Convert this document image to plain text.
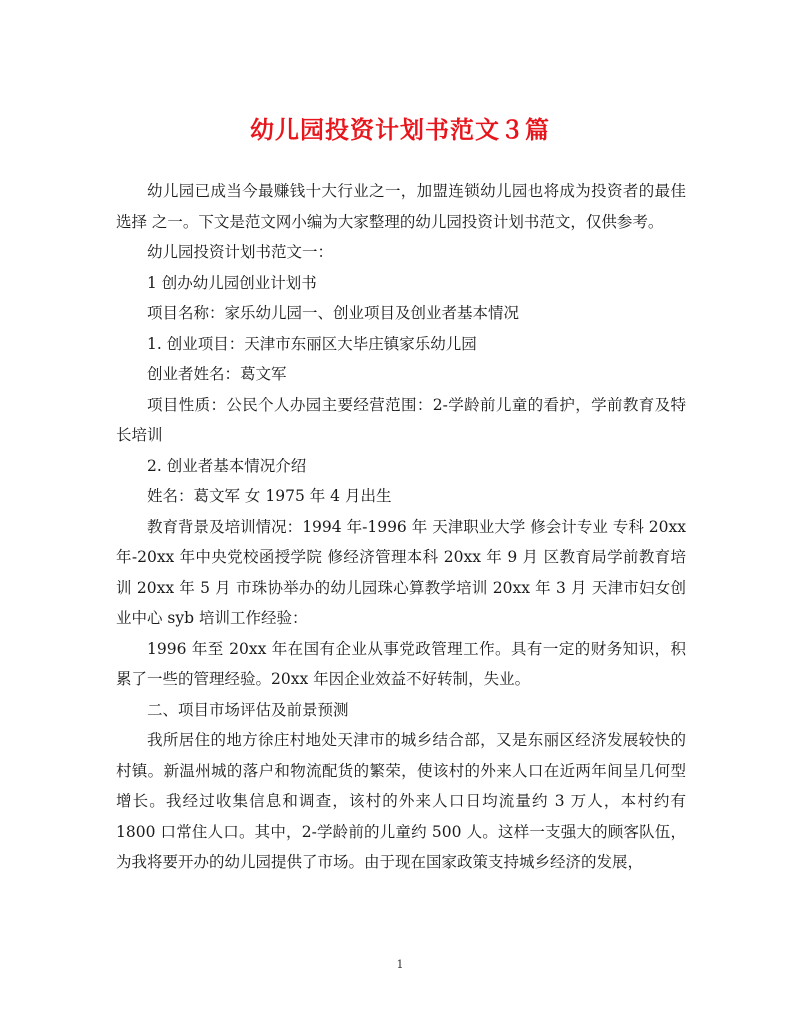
幼儿园投资计划书范文３篇

幼儿园已成当今最赚钱十大行业之一，加盟连锁幼儿园也将成为投资者的最佳选择 之一。下文是范文网小编为大家整理的幼儿园投资计划书范文，仅供参考。

幼儿园投资计划书范文一：

1 创办幼儿园创业计划书

项目名称：家乐幼儿园一、创业项目及创业者基本情况

1. 创业项目：天津市东丽区大毕庄镇家乐幼儿园

创业者姓名：葛文军

项目性质：公民个人办园主要经营范围：2-学龄前儿童的看护，学前教育及特长培训

2. 创业者基本情况介绍

姓名：葛文军 女 1975 年 4 月出生

教育背景及培训情况：1994 年-1996 年 天津职业大学 修会计专业 专科 20xx 年-20xx 年中央党校函授学院 修经济管理本科 20xx 年 9 月 区教育局学前教育培训 20xx 年 5 月 市珠协举办的幼儿园珠心算教学培训 20xx 年 3 月 天津市妇女创业中心 syb 培训工作经验：

1996 年至 20xx 年在国有企业从事党政管理工作。具有一定的财务知识，积累了一些的管理经验。20xx 年因企业效益不好转制，失业。

二、项目市场评估及前景预测

我所居住的地方徐庄村地处天津市的城乡结合部，又是东丽区经济发展较快的村镇。新温州城的落户和物流配货的繁荣，使该村的外来人口在近两年间呈几何型增长。我经过收集信息和调查，该村的外来人口日均流量约 3 万人，本村约有 1800 口常住人口。其中，2-学龄前的儿童约 500 人。这样一支强大的顾客队伍，为我将要开办的幼儿园提供了市场。由于现在国家政策支持城乡经济的发展，

1
